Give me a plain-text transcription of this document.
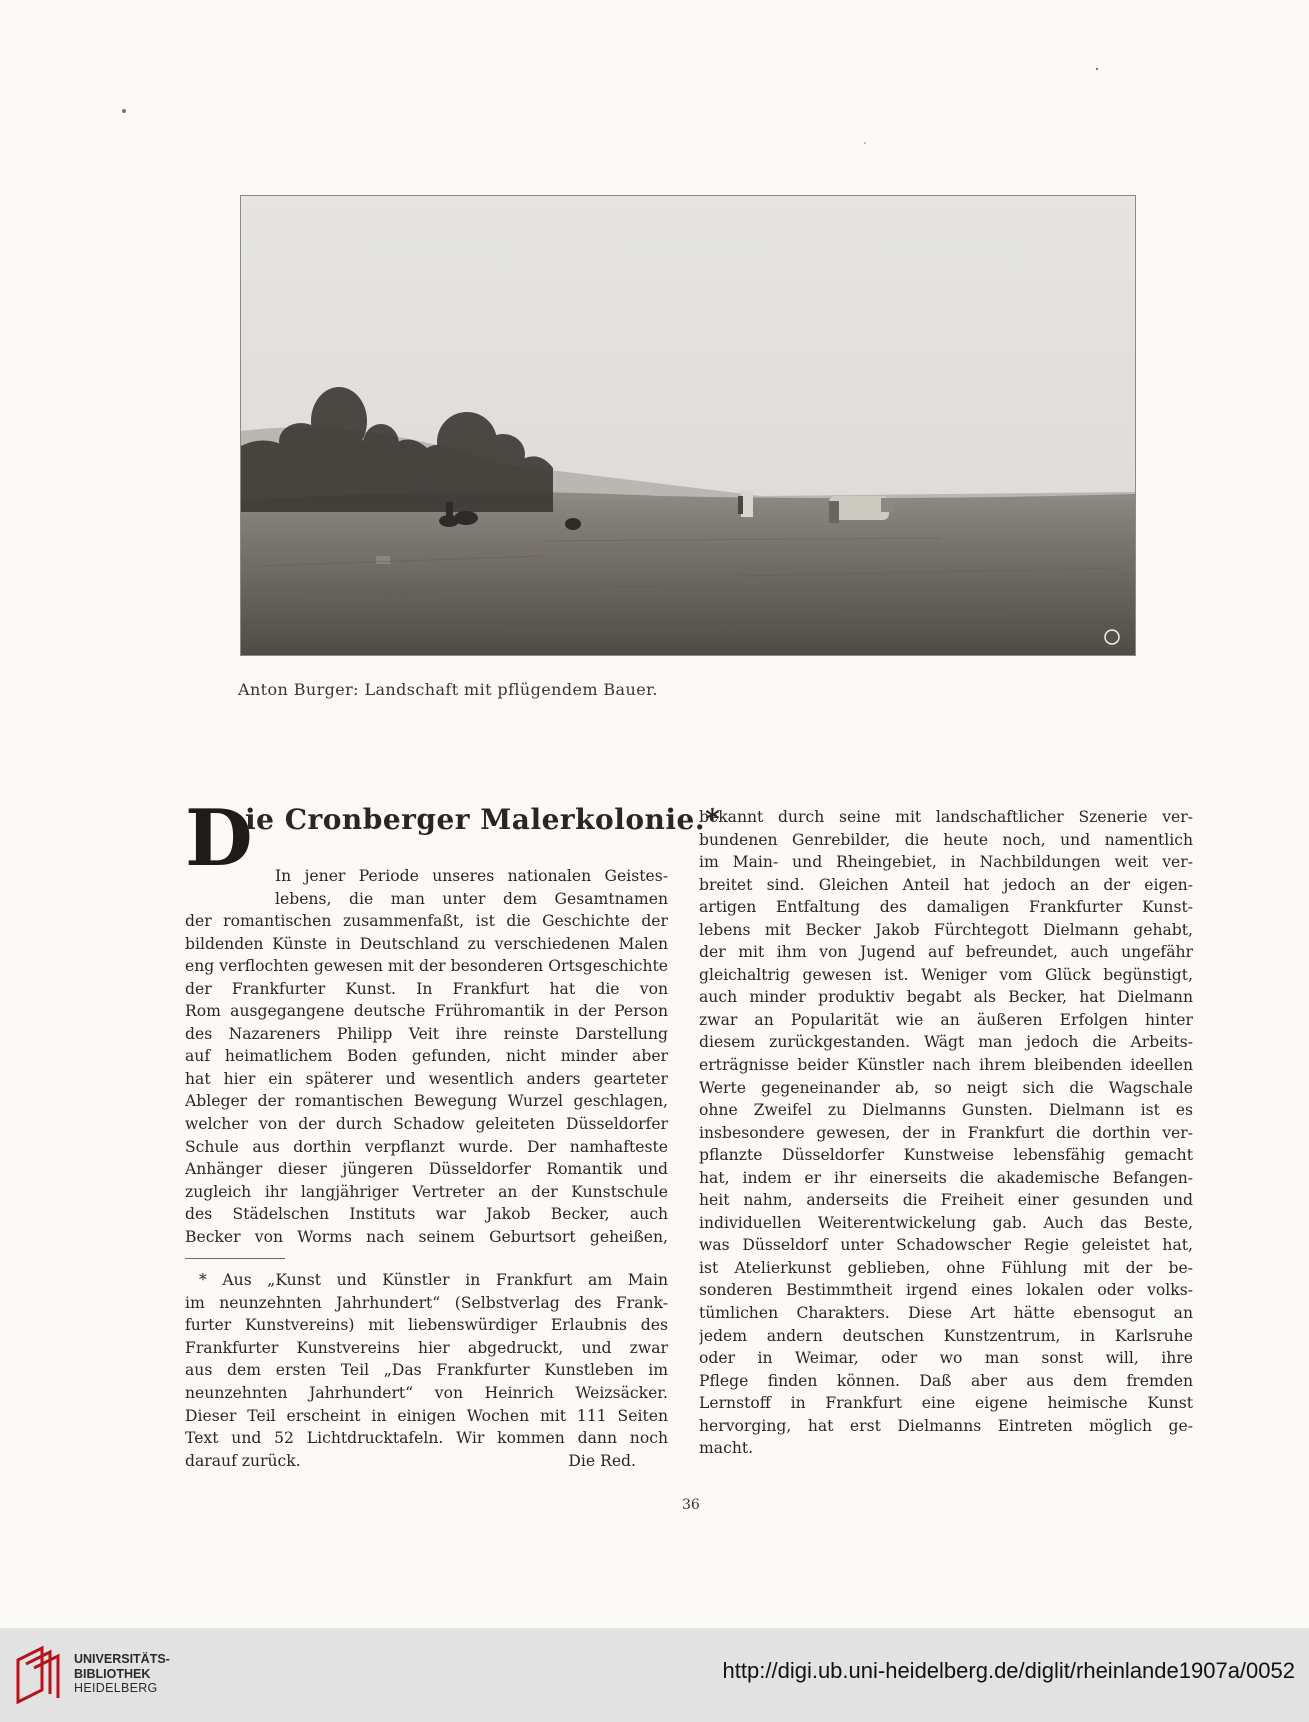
Anton Burger: Landschaft mit pflügendem Bauer.
D
ie Cronberger Malerkolonie.*
In jener Periode unseres nationalen Geistes-
lebens, die man unter dem Gesamtnamen
der romantischen zusammenfaßt, ist die Geschichte der
bildenden Künste in Deutschland zu verschiedenen Malen
eng verflochten gewesen mit der besonderen Ortsgeschichte
der Frankfurter Kunst. In Frankfurt hat die von
Rom ausgegangene deutsche Frühromantik in der Person
des Nazareners Philipp Veit ihre reinste Darstellung
auf heimatlichem Boden gefunden, nicht minder aber
hat hier ein späterer und wesentlich anders gearteter
Ableger der romantischen Bewegung Wurzel geschlagen,
welcher von der durch Schadow geleiteten Düsseldorfer
Schule aus dorthin verpflanzt wurde. Der namhafteste
Anhänger dieser jüngeren Düsseldorfer Romantik und
zugleich ihr langjähriger Vertreter an der Kunstschule
des Städelschen Instituts war Jakob Becker, auch
Becker von Worms nach seinem Geburtsort geheißen,
* Aus „Kunst und Künstler in Frankfurt am Main
im neunzehnten Jahrhundert“ (Selbstverlag des Frank-
furter Kunstvereins) mit liebenswürdiger Erlaubnis des
Frankfurter Kunstvereins hier abgedruckt, und zwar
aus dem ersten Teil „Das Frankfurter Kunstleben im
neunzehnten Jahrhundert“ von Heinrich Weizsäcker.
Dieser Teil erscheint in einigen Wochen mit 111 Seiten
Text und 52 Lichtdrucktafeln. Wir kommen dann noch
darauf zurück.	Die Red.
bekannt durch seine mit landschaftlicher Szenerie ver-
bundenen Genrebilder, die heute noch, und namentlich
im Main- und Rheingebiet, in Nachbildungen weit ver-
breitet sind. Gleichen Anteil hat jedoch an der eigen-
artigen Entfaltung des damaligen Frankfurter Kunst-
lebens mit Becker Jakob Fürchtegott Dielmann gehabt,
der mit ihm von Jugend auf befreundet, auch ungefähr
gleichaltrig gewesen ist. Weniger vom Glück begünstigt,
auch minder produktiv begabt als Becker, hat Dielmann
zwar an Popularität wie an äußeren Erfolgen hinter
diesem zurückgestanden. Wägt man jedoch die Arbeits-
erträgnisse beider Künstler nach ihrem bleibenden ideellen
Werte gegeneinander ab, so neigt sich die Wagschale
ohne Zweifel zu Dielmanns Gunsten. Dielmann ist es
insbesondere gewesen, der in Frankfurt die dorthin ver-
pflanzte Düsseldorfer Kunstweise lebensfähig gemacht
hat, indem er ihr einerseits die akademische Befangen-
heit nahm, anderseits die Freiheit einer gesunden und
individuellen Weiterentwickelung gab. Auch das Beste,
was Düsseldorf unter Schadowscher Regie geleistet hat,
ist Atelierkunst geblieben, ohne Fühlung mit der be-
sonderen Bestimmtheit irgend eines lokalen oder volks-
tümlichen Charakters. Diese Art hätte ebensogut an
jedem andern deutschen Kunstzentrum, in Karlsruhe
oder in Weimar, oder wo man sonst will, ihre
Pflege finden können. Daß aber aus dem fremden
Lernstoff in Frankfurt eine eigene heimische Kunst
hervorging, hat erst Dielmanns Eintreten möglich ge-
macht.
36
UNIVERSITÄTS-
BIBLIOTHEK
HEIDELBERG
http://digi.ub.uni-heidelberg.de/diglit/rheinlande1907a/0052
